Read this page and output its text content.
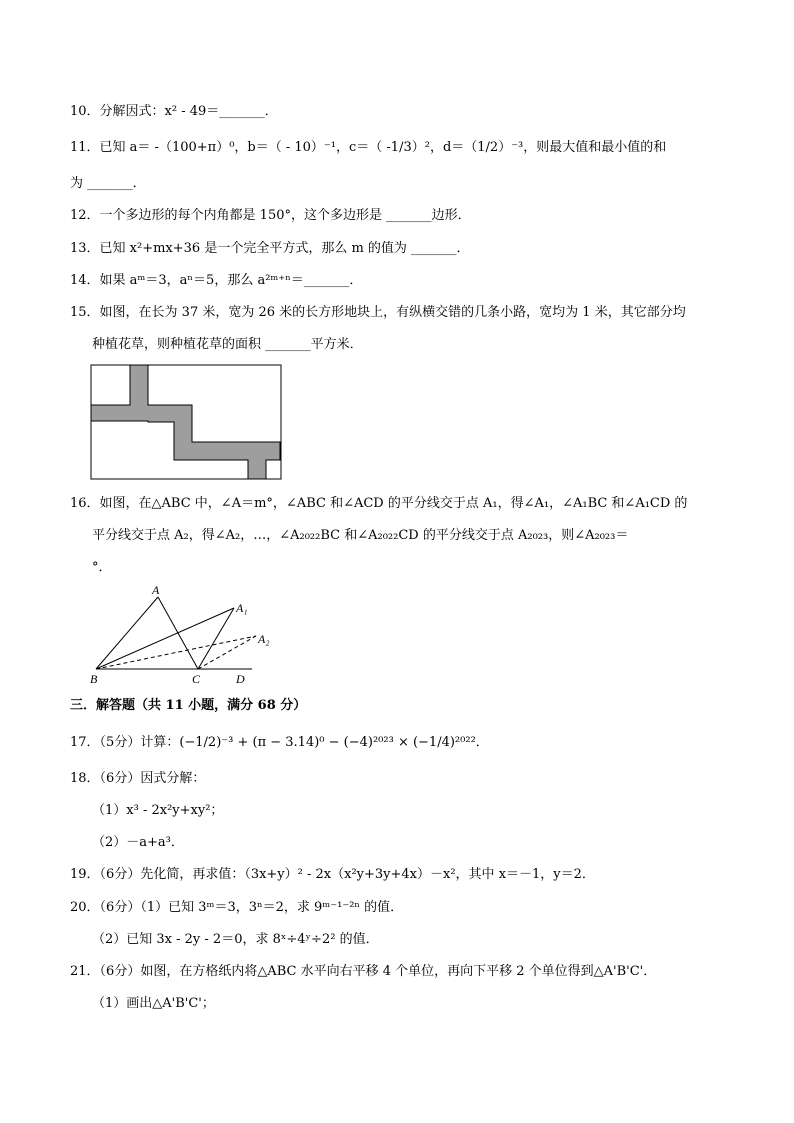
10．分解因式：x² - 49＝_______．
11．已知 a＝ -（100+π）⁰，b＝（ - 10）⁻¹，c＝（ -1/3）²，d＝（1/2）⁻³，则最大值和最小值的和
为 _______．
12．一个多边形的每个内角都是 150°，这个多边形是 _______边形．
13．已知 x²+mx+36 是一个完全平方式，那么 m 的值为 _______．
14．如果 aᵐ＝3，aⁿ＝5，那么 a²ᵐ⁺ⁿ＝_______．
15．如图，在长为 37 米，宽为 26 米的长方形地块上，有纵横交错的几条小路，宽均为 1 米，其它部分均
种植花草，则种植花草的面积 _______平方米．
16．如图，在△ABC 中，∠A＝m°，∠ABC 和∠ACD 的平分线交于点 A₁，得∠A₁，∠A₁BC 和∠A₁CD 的
平分线交于点 A₂，得∠A₂，…，∠A₂₀₂₂BC 和∠A₂₀₂₂CD 的平分线交于点 A₂₀₂₃，则∠A₂₀₂₃＝
°．
A
A₁
A₂
B	C	D
三．解答题（共 11 小题，满分 68 分）
17．（5分）计算：(−1/2)⁻³ + (π − 3.14)⁰ − (−4)²⁰²³ × (−1/4)²⁰²²．
18．（6分）因式分解：
（1）x³ - 2x²y+xy²；
（2）－a+a³．
19．（6分）先化简，再求值：（3x+y）² - 2x（x²y+3y+4x）－x²，其中 x＝－1，y＝2．
20．（6分）（1）已知 3ᵐ＝3，3ⁿ＝2，求 9ᵐ⁻¹⁻²ⁿ 的值．
（2）已知 3x - 2y - 2＝0，求 8ˣ÷4ʸ÷2² 的值．
21．（6分）如图，在方格纸内将△ABC 水平向右平移 4 个单位，再向下平移 2 个单位得到△A'B'C'．
（1）画出△A'B'C'；
